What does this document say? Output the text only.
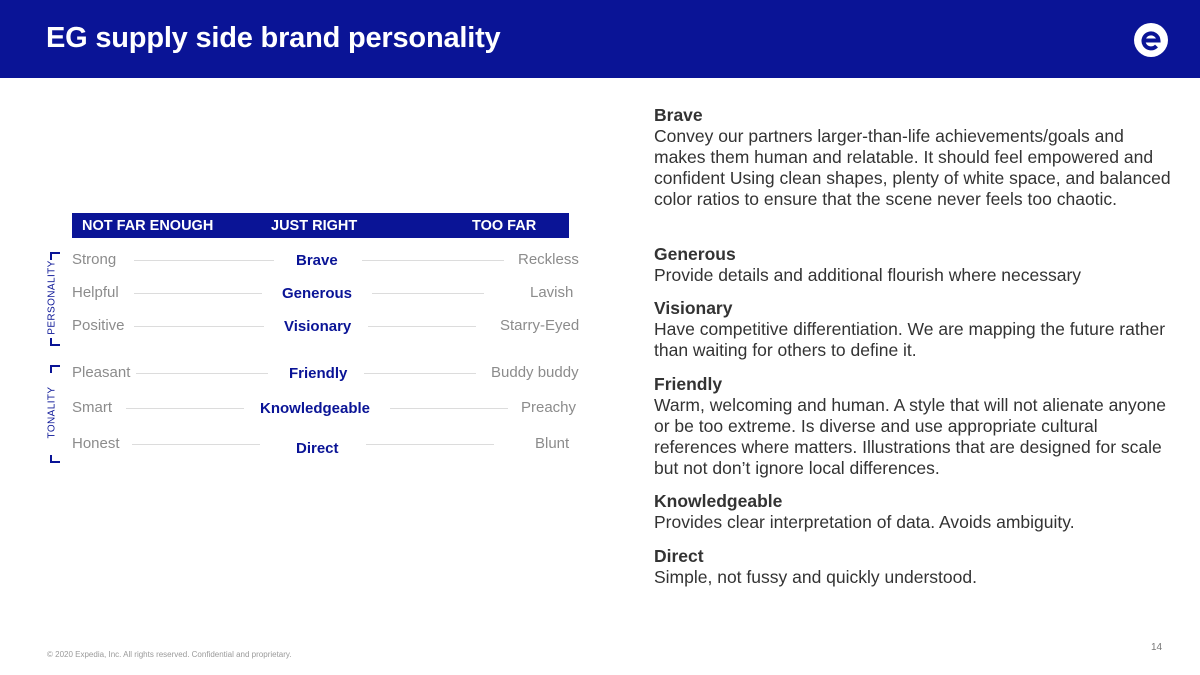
EG supply side brand personality
NOT FAR ENOUGH	JUST RIGHT	TOO FAR
PERSONALITY
TONALITY
Strong	Brave	Reckless
Helpful	Generous	Lavish
Positive	Visionary	Starry-Eyed
Pleasant	Friendly	Buddy buddy
Smart	Knowledgeable	Preachy
Honest	Direct	Blunt
Brave
Convey our partners larger-than-life achievements/goals and makes them human and relatable. It should feel empowered and confident Using clean shapes, plenty of white space, and balanced color ratios to ensure that the scene never feels too chaotic.
Generous
Provide details and additional flourish where necessary
Visionary
Have competitive differentiation. We are mapping the future rather than waiting for others to define it.
Friendly
Warm, welcoming and human. A style that will not alienate anyone or be too extreme. Is diverse and use appropriate cultural references where matters. Illustrations that are designed for scale but not don’t ignore local differences.
Knowledgeable
Provides clear interpretation of data. Avoids ambiguity.
Direct
Simple, not fussy and quickly understood.
© 2020 Expedia, Inc. All rights reserved. Confidential and proprietary.
14
